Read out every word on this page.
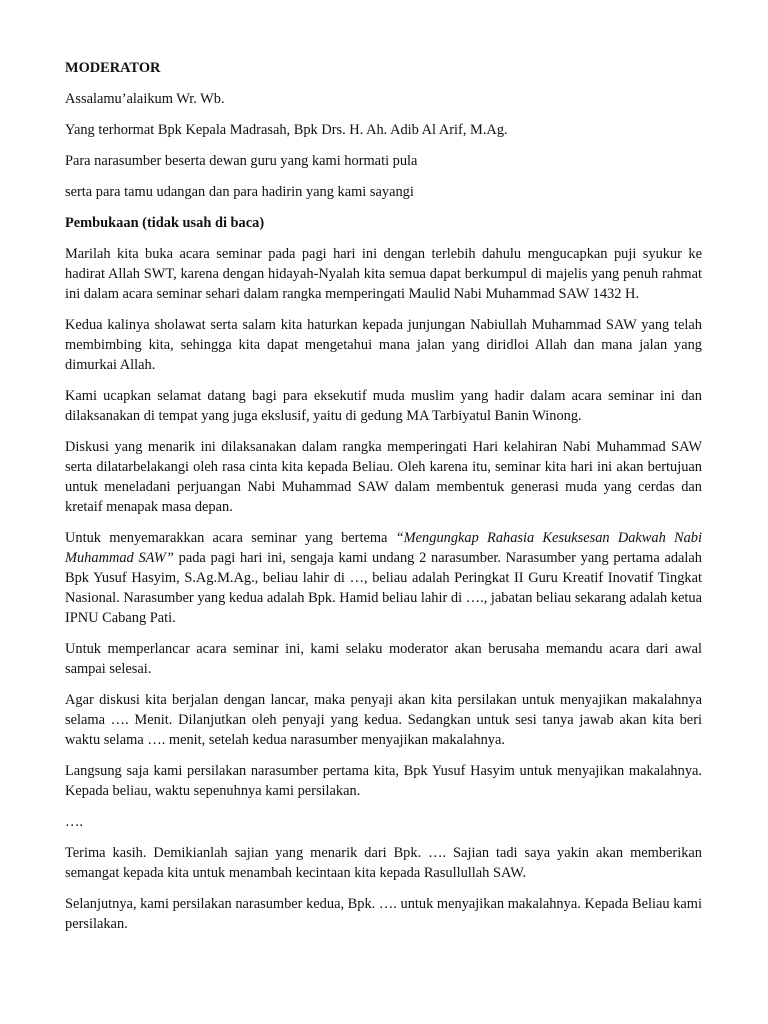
MODERATOR

Assalamu’alaikum Wr. Wb.

Yang terhormat Bpk Kepala Madrasah, Bpk Drs. H. Ah. Adib Al Arif, M.Ag.

Para narasumber beserta dewan guru yang kami hormati pula

serta para tamu udangan dan para hadirin yang kami sayangi

Pembukaan (tidak usah di baca)

Marilah kita buka acara seminar pada pagi hari ini dengan terlebih dahulu mengucapkan puji syukur ke hadirat Allah SWT, karena dengan hidayah-Nyalah kita semua dapat berkumpul di majelis yang penuh rahmat ini dalam acara seminar sehari dalam rangka memperingati Maulid Nabi Muhammad SAW 1432 H.

Kedua kalinya sholawat serta salam kita haturkan kepada junjungan Nabiullah Muhammad SAW yang telah membimbing kita, sehingga kita dapat mengetahui mana jalan yang diridloi Allah dan mana jalan yang dimurkai Allah.

Kami ucapkan selamat datang bagi para eksekutif muda muslim yang hadir dalam acara seminar ini dan dilaksanakan di tempat yang juga ekslusif, yaitu di gedung MA Tarbiyatul Banin Winong.

Diskusi yang menarik ini dilaksanakan dalam rangka memperingati Hari kelahiran Nabi Muhammad SAW serta dilatarbelakangi oleh rasa cinta kita kepada Beliau. Oleh karena itu, seminar kita hari ini akan bertujuan untuk meneladani perjuangan Nabi Muhammad SAW dalam membentuk generasi muda yang cerdas dan kretaif menapak masa depan.

Untuk menyemarakkan acara seminar yang bertema “Mengungkap Rahasia Kesuksesan Dakwah Nabi Muhammad SAW” pada pagi hari ini, sengaja kami undang 2 narasumber. Narasumber yang pertama adalah Bpk Yusuf Hasyim, S.Ag.M.Ag., beliau lahir di …, beliau adalah Peringkat II Guru Kreatif Inovatif Tingkat Nasional. Narasumber yang kedua adalah Bpk. Hamid beliau lahir di …., jabatan beliau sekarang adalah ketua IPNU Cabang Pati.

Untuk memperlancar acara seminar ini, kami selaku moderator akan berusaha memandu acara dari awal sampai selesai.

Agar diskusi kita berjalan dengan lancar, maka penyaji akan kita persilakan untuk menyajikan makalahnya selama …. Menit. Dilanjutkan oleh penyaji yang kedua. Sedangkan untuk sesi tanya jawab akan kita beri waktu selama …. menit, setelah kedua narasumber menyajikan makalahnya.

Langsung saja kami persilakan narasumber pertama kita, Bpk Yusuf Hasyim untuk menyajikan makalahnya. Kepada beliau, waktu sepenuhnya kami persilakan.

….

Terima kasih. Demikianlah sajian yang menarik dari Bpk. …. Sajian tadi saya yakin akan memberikan semangat kepada kita untuk menambah kecintaan kita kepada Rasullullah SAW.

Selanjutnya, kami persilakan narasumber kedua, Bpk. …. untuk menyajikan makalahnya. Kepada Beliau kami persilakan.
